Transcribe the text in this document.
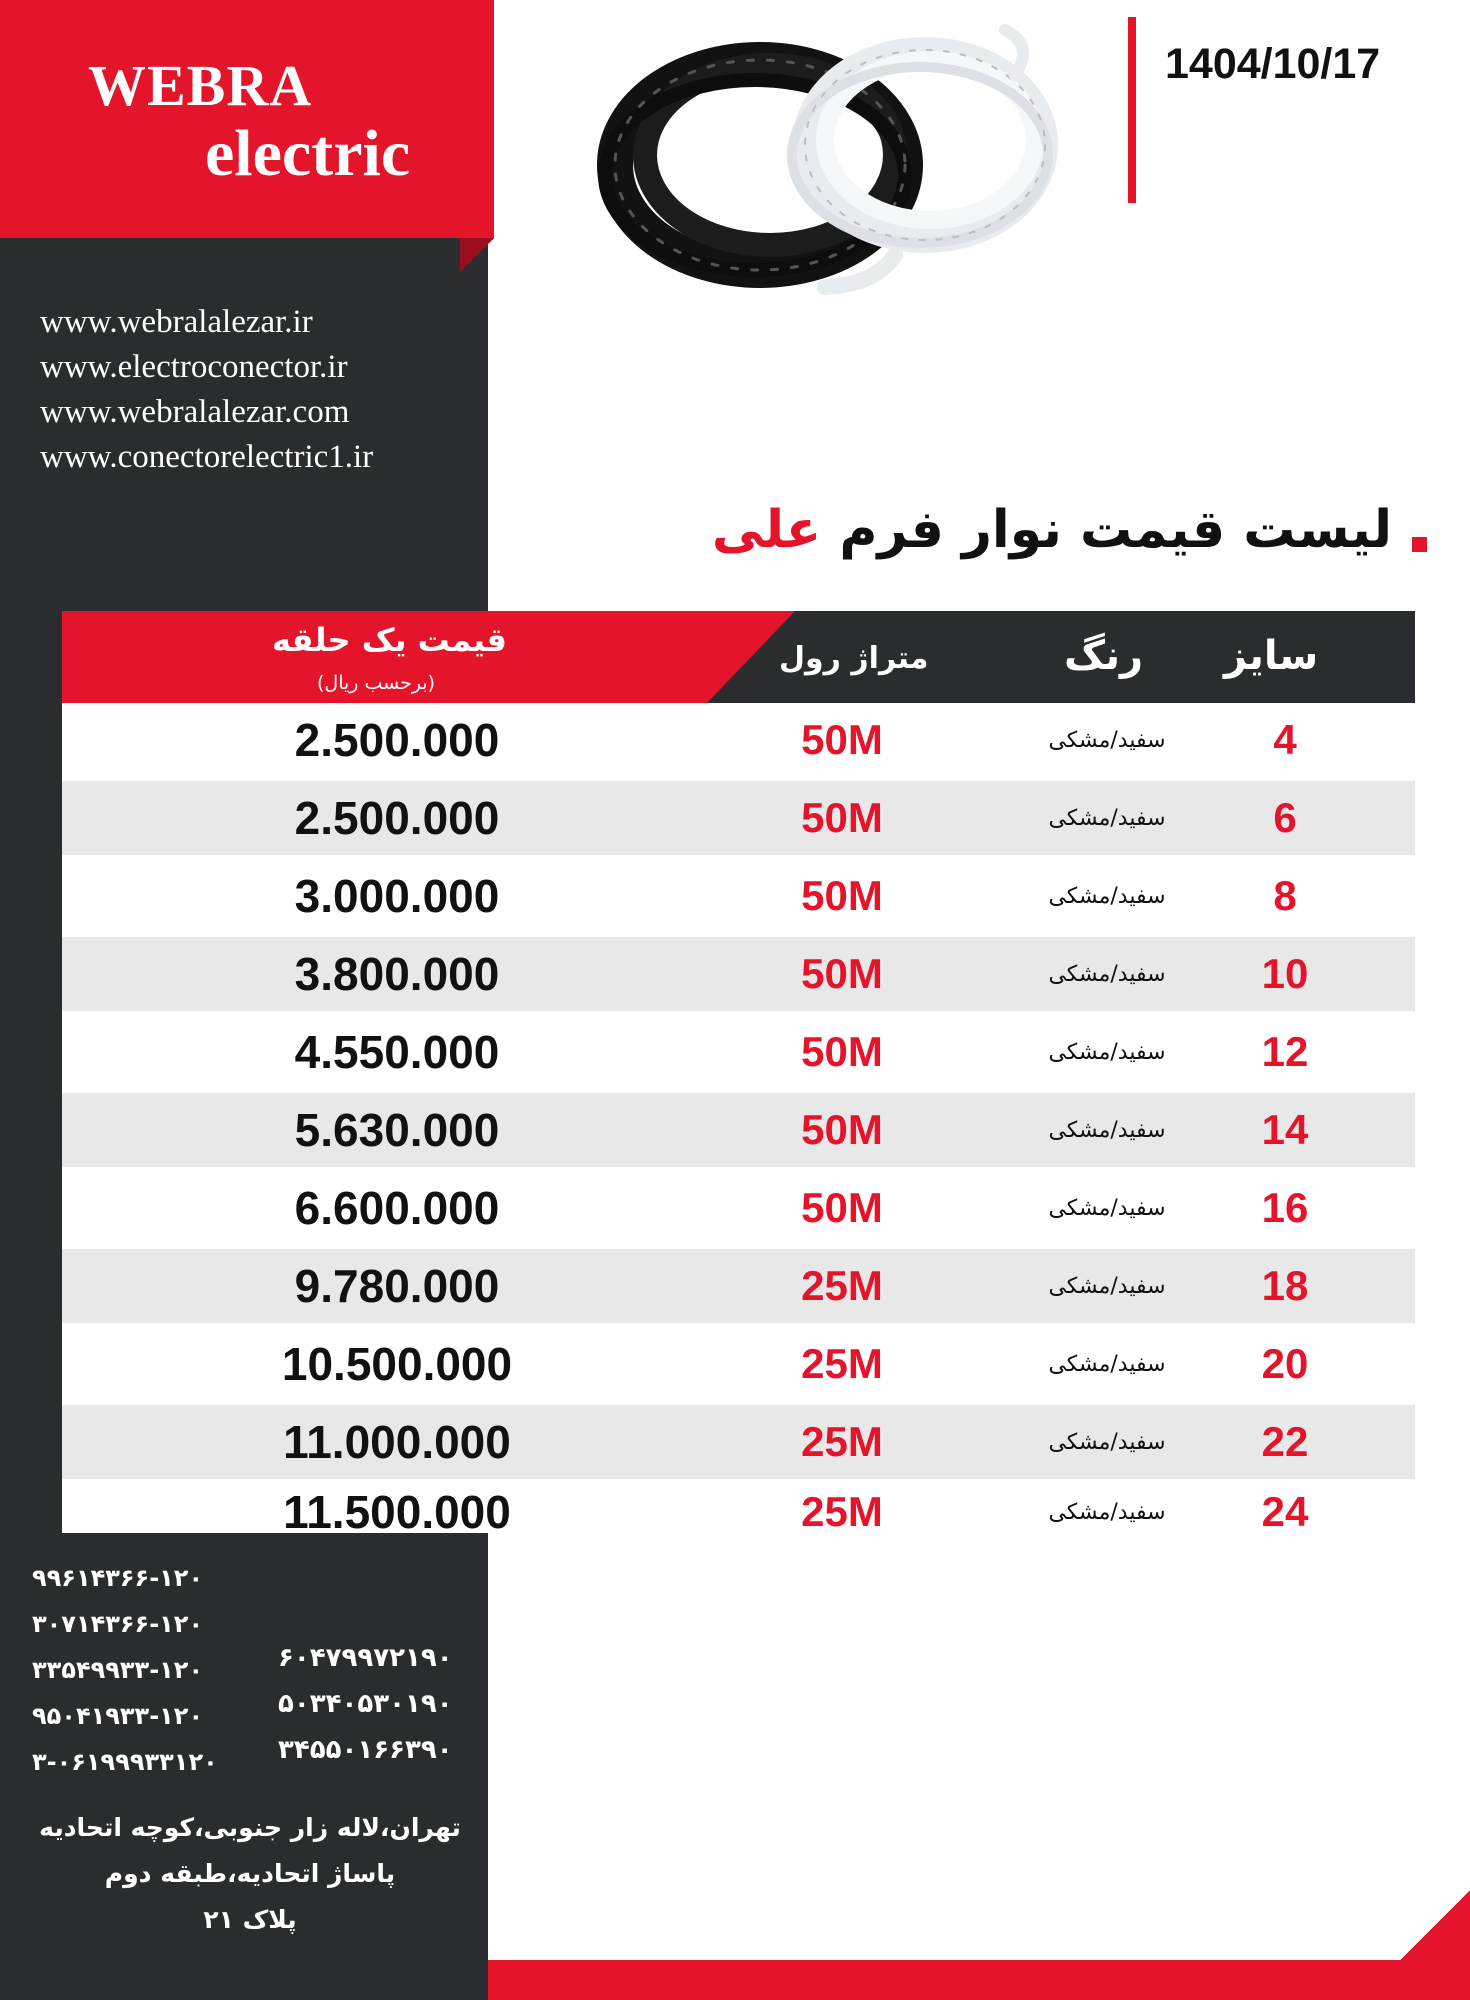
WEBRA
electric
www.webralalezar.ir
www.electroconector.ir
www.webralalezar.com
www.conectorelectric1.ir
1404/10/17
لیست قیمت نوار فرم علی
سایز
رنگ
متراژ رول
قیمت یک حلقه
(برحسب ریال)
4
سفید/مشکی
50M
2.500.000
6
سفید/مشکی
50M
2.500.000
8
سفید/مشکی
50M
3.000.000
10
سفید/مشکی
50M
3.800.000
12
سفید/مشکی
50M
4.550.000
14
سفید/مشکی
50M
5.630.000
16
سفید/مشکی
50M
6.600.000
18
سفید/مشکی
25M
9.780.000
20
سفید/مشکی
25M
10.500.000
22
سفید/مشکی
25M
11.000.000
24
سفید/مشکی
25M
11.500.000
۰۲۱-۶۶۳۴۱۶۹۹
۰۲۱-۶۶۳۴۱۷۰۳
۰۲۱-۳۳۹۹۴۵۳۳
۰۲۱-۳۳۹۱۴۰۵۹
۰۲۱۳۳۹۹۹۱۶۰-۳
۰۹۱۲۷۹۹۷۴۰۶
۰۹۱۰۳۵۰۴۳۰۵
۰۹۳۶۶۱۰۵۵۴۳
تهران،لاله زار جنوبی،کوچه اتحادیه
پاساژ اتحادیه،طبقه دوم
پلاک ۲۱
